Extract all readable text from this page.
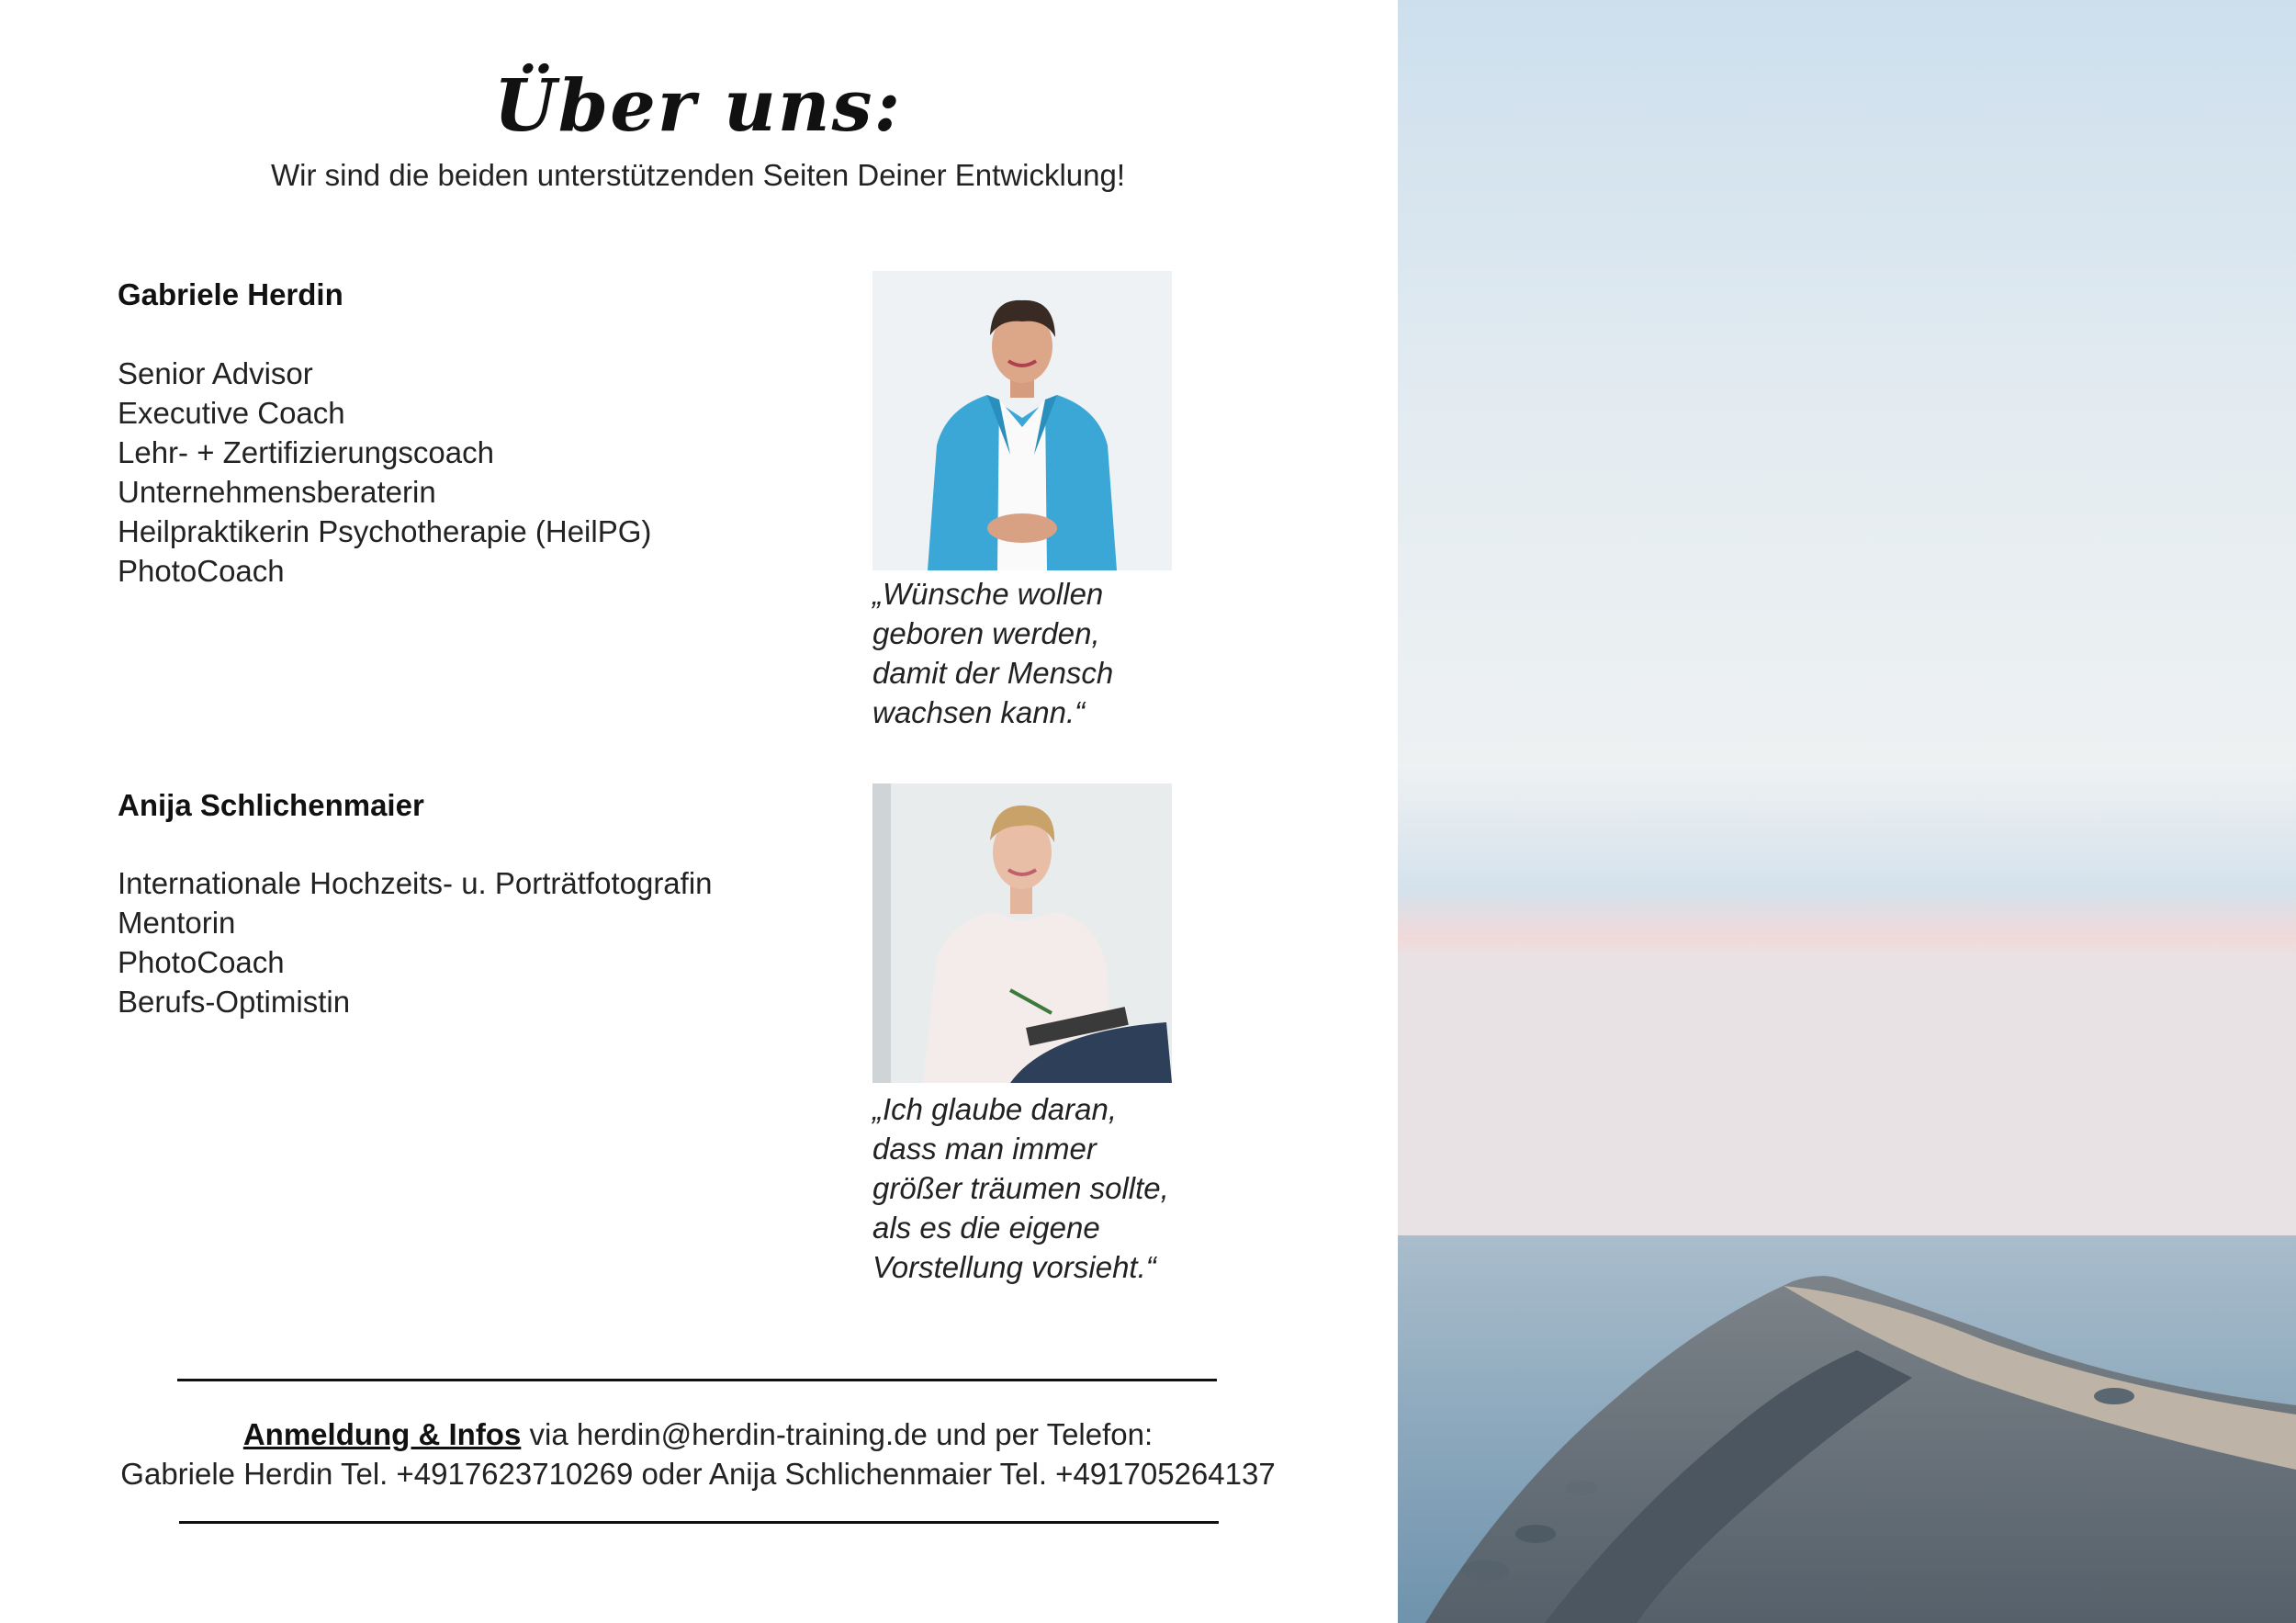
Über uns:
Wir sind die beiden unterstützenden Seiten Deiner Entwicklung!
Gabriele Herdin
Senior Advisor
Executive Coach
Lehr- + Zertifizierungscoach
Unternehmensberaterin
Heilpraktikerin Psychotherapie (HeilPG)
PhotoCoach
„Wünsche wollen
geboren werden,
damit der Mensch
wachsen kann.“
Anija Schlichenmaier
Internationale Hochzeits- u. Porträtfotografin
Mentorin
PhotoCoach
Berufs-Optimistin
„Ich glaube daran,
dass man immer
größer träumen sollte,
als es die eigene
Vorstellung vorsieht.“
Anmeldung & Infos via herdin@herdin-training.de und per Telefon:
Gabriele Herdin Tel. +4917623710269 oder Anija Schlichenmaier Tel. +491705264137
